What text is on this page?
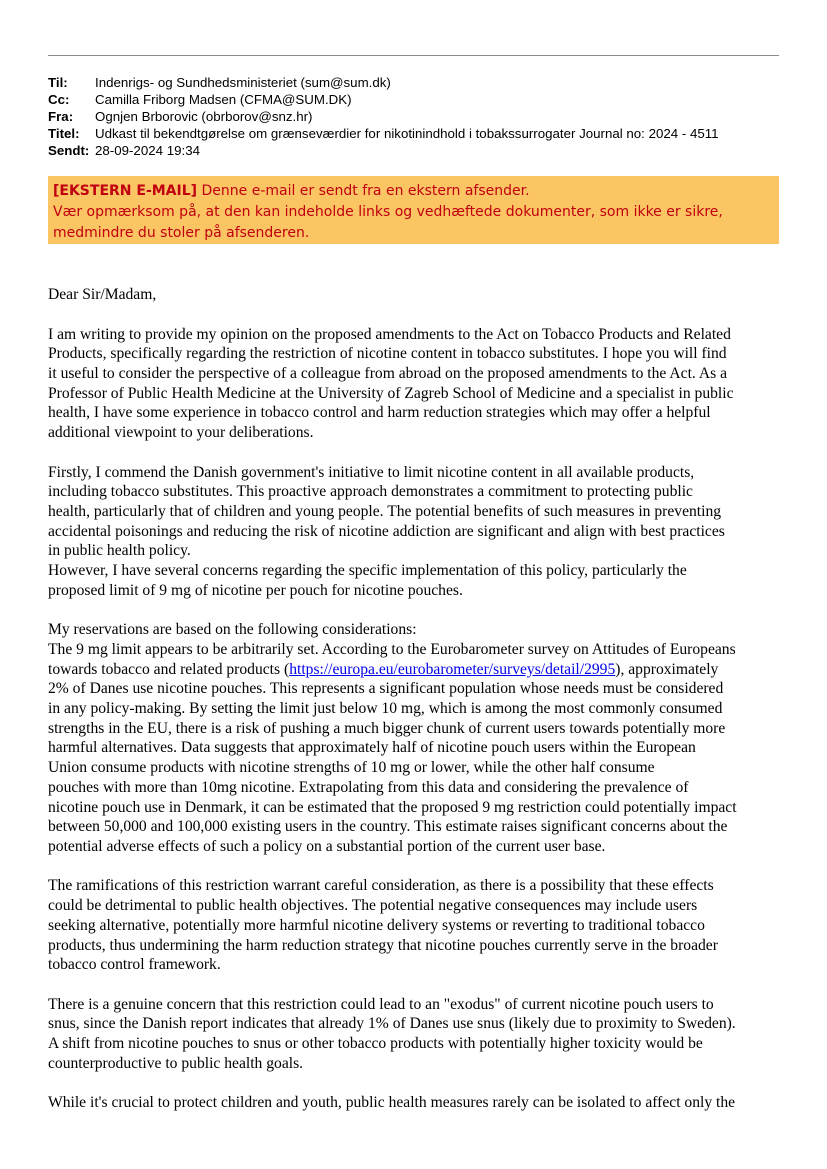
Til:	Indenrigs- og Sundhedsministeriet (sum@sum.dk)
Cc:	Camilla Friborg Madsen (CFMA@SUM.DK)
Fra:	Ognjen Brborovic (obrborov@snz.hr)
Titel:	Udkast til bekendtgørelse om grænseværdier for nikotinindhold i tobakssurrogater Journal no: 2024 - 4511
Sendt: 28-09-2024 19:34
[EKSTERN E-MAIL] Denne e-mail er sendt fra en ekstern afsender.
Vær opmærksom på, at den kan indeholde links og vedhæftede dokumenter, som ikke er sikre,
medmindre du stoler på afsenderen.
Dear Sir/Madam,
I am writing to provide my opinion on the proposed amendments to the Act on Tobacco Products and Related
Products, specifically regarding the restriction of nicotine content in tobacco substitutes. I hope you will find
it useful to consider the perspective of a colleague from abroad on the proposed amendments to the Act. As a
Professor of Public Health Medicine at the University of Zagreb School of Medicine and a specialist in public
health, I have some experience in tobacco control and harm reduction strategies which may offer a helpful
additional viewpoint to your deliberations.
Firstly, I commend the Danish government's initiative to limit nicotine content in all available products,
including tobacco substitutes. This proactive approach demonstrates a commitment to protecting public
health, particularly that of children and young people. The potential benefits of such measures in preventing
accidental poisonings and reducing the risk of nicotine addiction are significant and align with best practices
in public health policy.
However, I have several concerns regarding the specific implementation of this policy, particularly the
proposed limit of 9 mg of nicotine per pouch for nicotine pouches.
My reservations are based on the following considerations:
The 9 mg limit appears to be arbitrarily set. According to the Eurobarometer survey on Attitudes of Europeans
towards tobacco and related products (https://europa.eu/eurobarometer/surveys/detail/2995), approximately
2% of Danes use nicotine pouches. This represents a significant population whose needs must be considered
in any policy-making. By setting the limit just below 10 mg, which is among the most commonly consumed
strengths in the EU, there is a risk of pushing a much bigger chunk of current users towards potentially more
harmful alternatives. Data suggests that approximately half of nicotine pouch users within the European
Union consume products with nicotine strengths of 10 mg or lower, while the other half consume
pouches with more than 10mg nicotine. Extrapolating from this data and considering the prevalence of
nicotine pouch use in Denmark, it can be estimated that the proposed 9 mg restriction could potentially impact
between 50,000 and 100,000 existing users in the country. This estimate raises significant concerns about the
potential adverse effects of such a policy on a substantial portion of the current user base.
The ramifications of this restriction warrant careful consideration, as there is a possibility that these effects
could be detrimental to public health objectives. The potential negative consequences may include users
seeking alternative, potentially more harmful nicotine delivery systems or reverting to traditional tobacco
products, thus undermining the harm reduction strategy that nicotine pouches currently serve in the broader
tobacco control framework.
There is a genuine concern that this restriction could lead to an "exodus" of current nicotine pouch users to
snus, since the Danish report indicates that already 1% of Danes use snus (likely due to proximity to Sweden).
A shift from nicotine pouches to snus or other tobacco products with potentially higher toxicity would be
counterproductive to public health goals.
While it's crucial to protect children and youth, public health measures rarely can be isolated to affect only the
